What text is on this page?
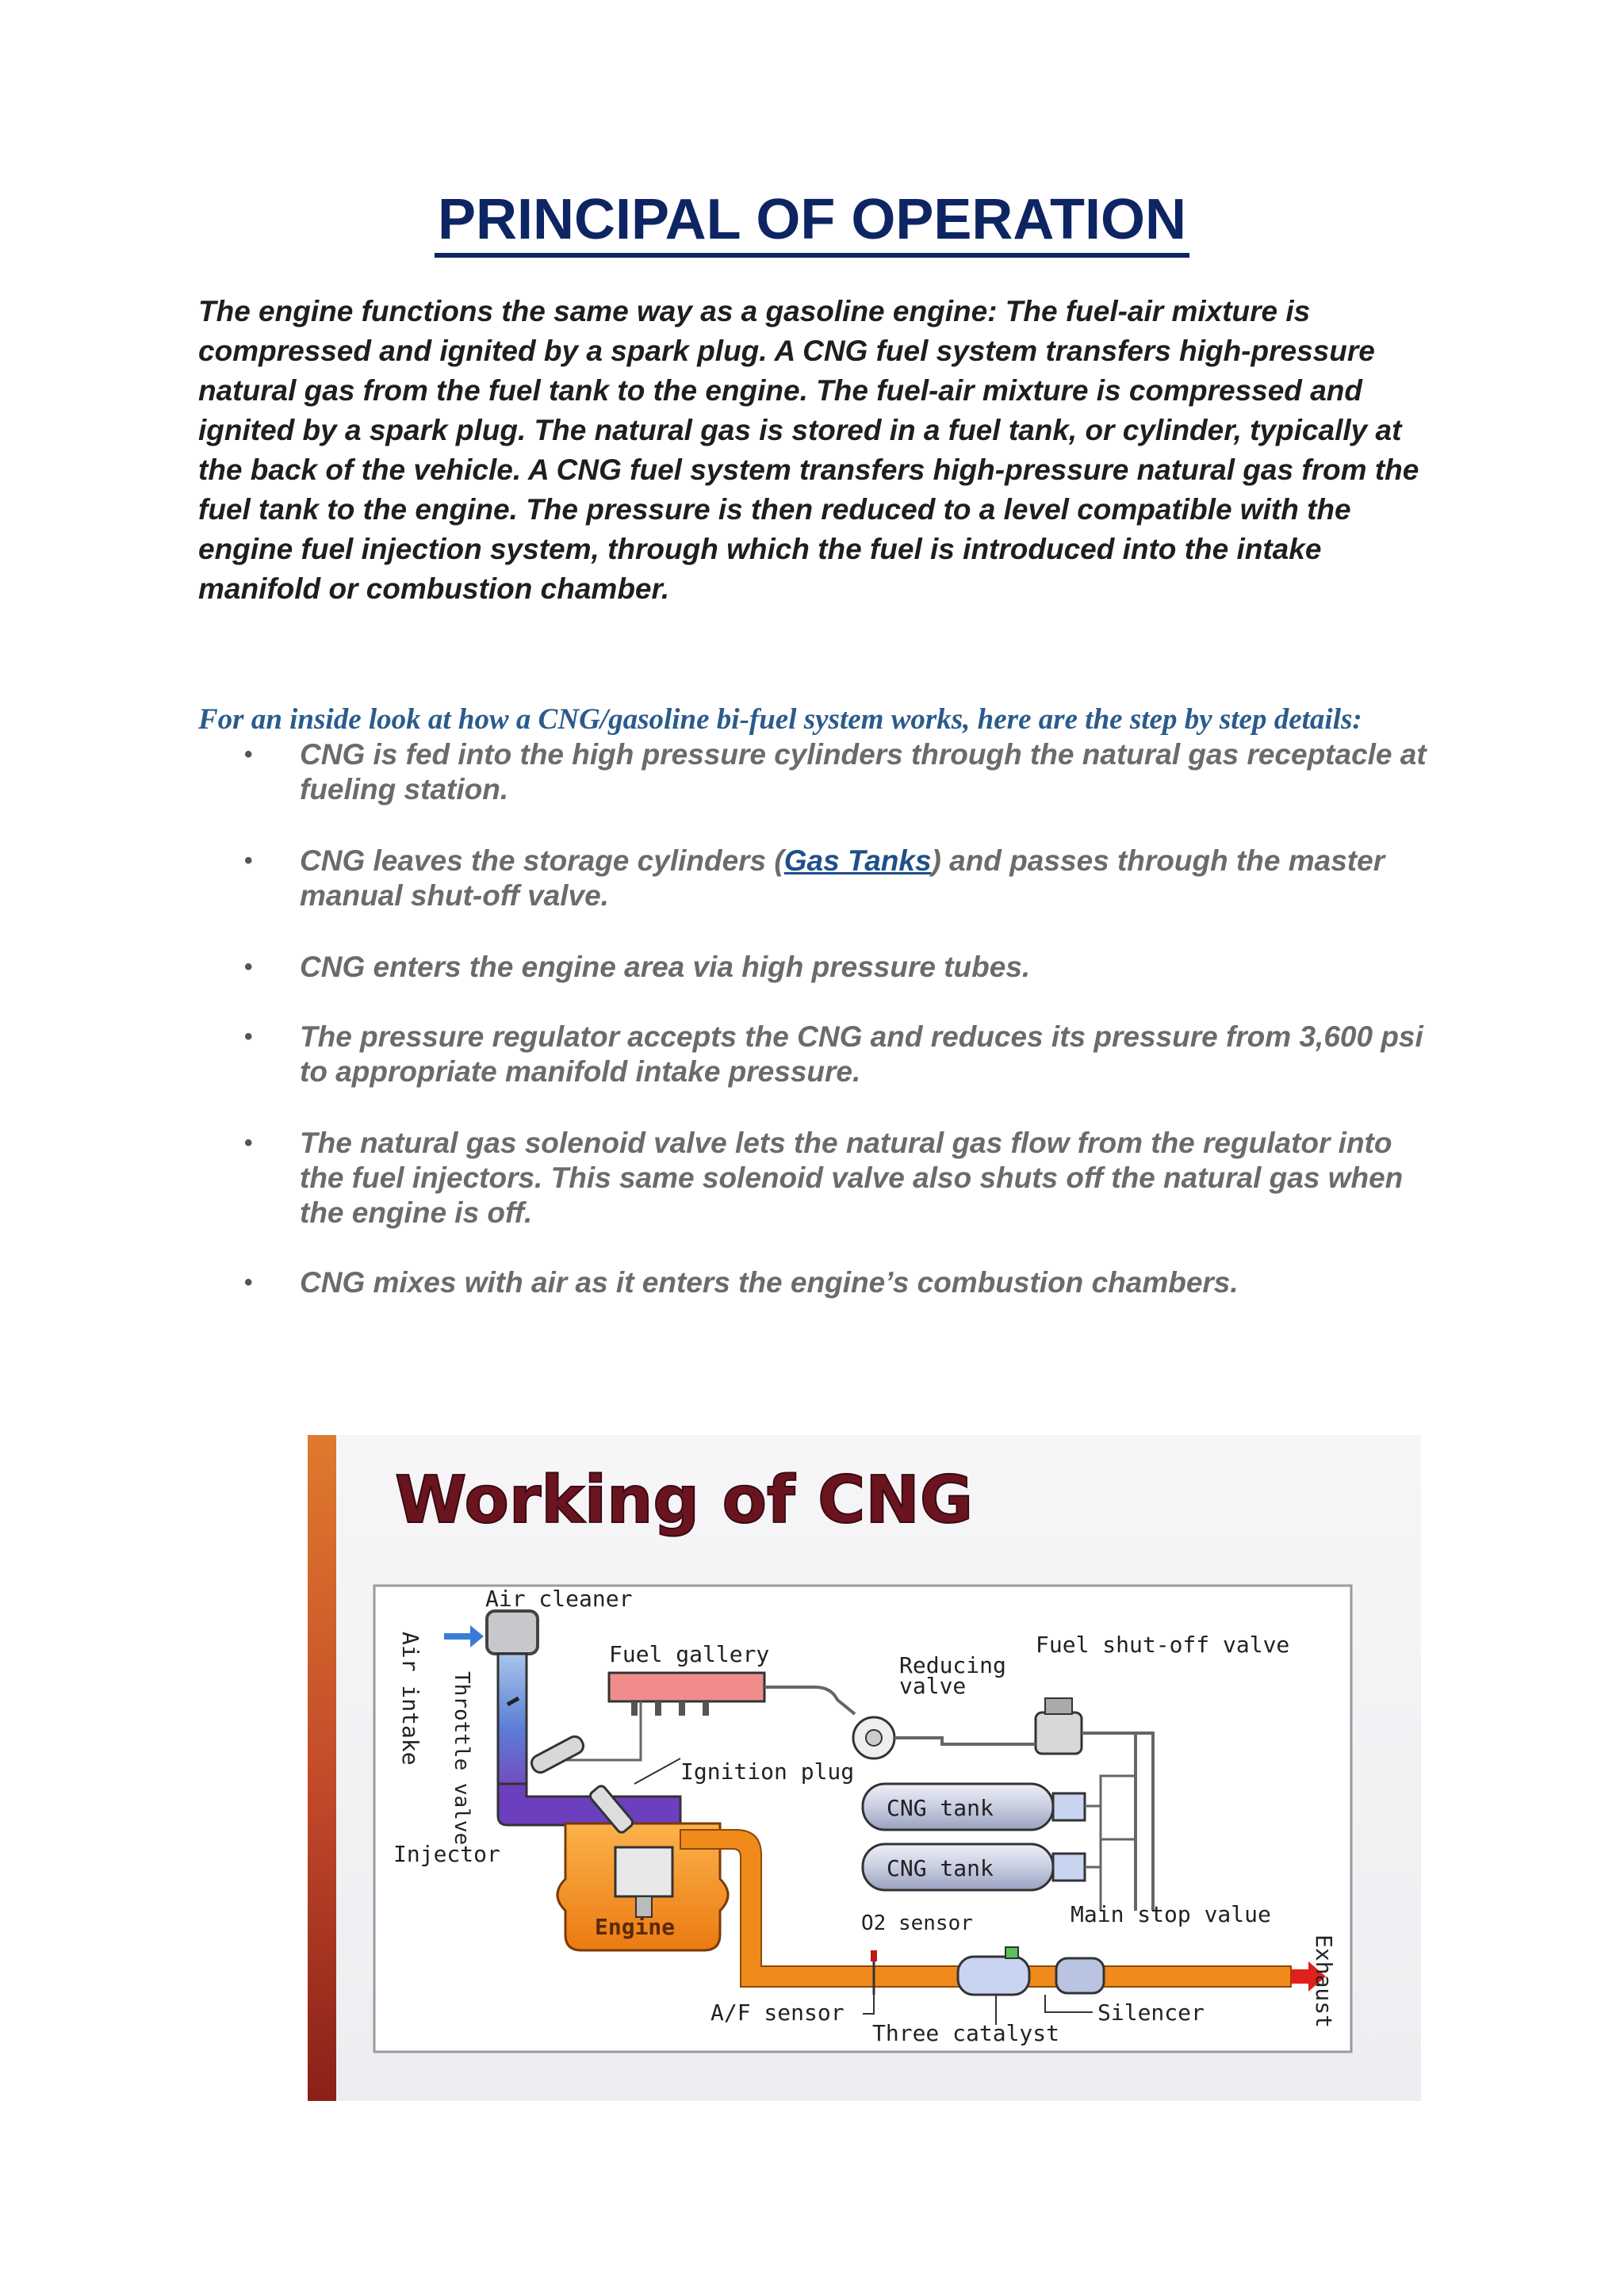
PRINCIPAL OF OPERATION

The engine functions the same way as a gasoline engine: The fuel-air mixture is compressed and ignited by a spark plug. A CNG fuel system transfers high-pressure natural gas from the fuel tank to the engine. The fuel-air mixture is compressed and ignited by a spark plug. The natural gas is stored in a fuel tank, or cylinder, typically at the back of the vehicle. A CNG fuel system transfers high-pressure natural gas from the fuel tank to the engine. The pressure is then reduced to a level compatible with the engine fuel injection system, through which the fuel is introduced into the intake manifold or combustion chamber.

For an inside look at how a CNG/gasoline bi-fuel system works, here are the step by step details:

• CNG is fed into the high pressure cylinders through the natural gas receptacle at fueling station.
• CNG leaves the storage cylinders (Gas Tanks) and passes through the master manual shut-off valve.
• CNG enters the engine area via high pressure tubes.
• The pressure regulator accepts the CNG and reduces its pressure from 3,600 psi to appropriate manifold intake pressure.
• The natural gas solenoid valve lets the natural gas flow from the regulator into the fuel injectors. This same solenoid valve also shuts off the natural gas when the engine is off.
• CNG mixes with air as it enters the engine’s combustion chambers.
Working of CNG
Air cleaner
Air intake Throttle valve
Fuel gallery	Reducing
valve
Fuel shut-off valve
Ignition plug
CNG tank
CNG tank
Injector
Engine	O2 sensor	Main stop value
Exhaust
A/F sensor	Silencer
Three catalyst
